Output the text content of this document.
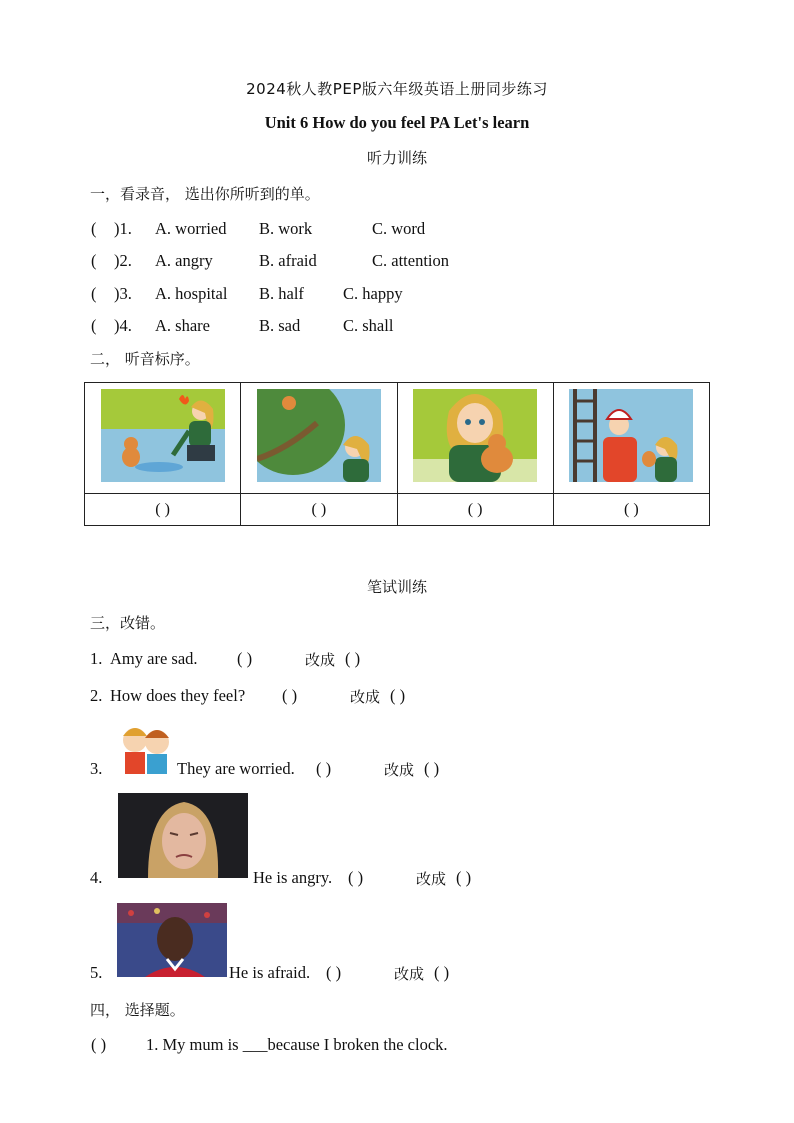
2024秋人教PEP版六年级英语上册同步练习
Unit 6 How do you feel PA Let's learn
听力训练
一，看录音， 选出你所听到的单。
( )1. A. worried B. work	C. word
( )2. A. angry	B. afraid	C. attention
( )3. A. hospital B. half C. happy
( )4. A. share	B. sad	C. shall
二， 听音标序。

( )	( )	( )	( )
笔试训练
三，改错。
1. Amy are sad. ( )	改成 ( )
2. How does they feel? ( )	改成 ( )
3.	They are worried. ( )	改成 ( )
4.	He is angry. ( )	改成 ( )
5.	He is afraid. ( )	改成 ( )
四， 选择题。
( ) 1. My mum is ___because I broken the clock.
